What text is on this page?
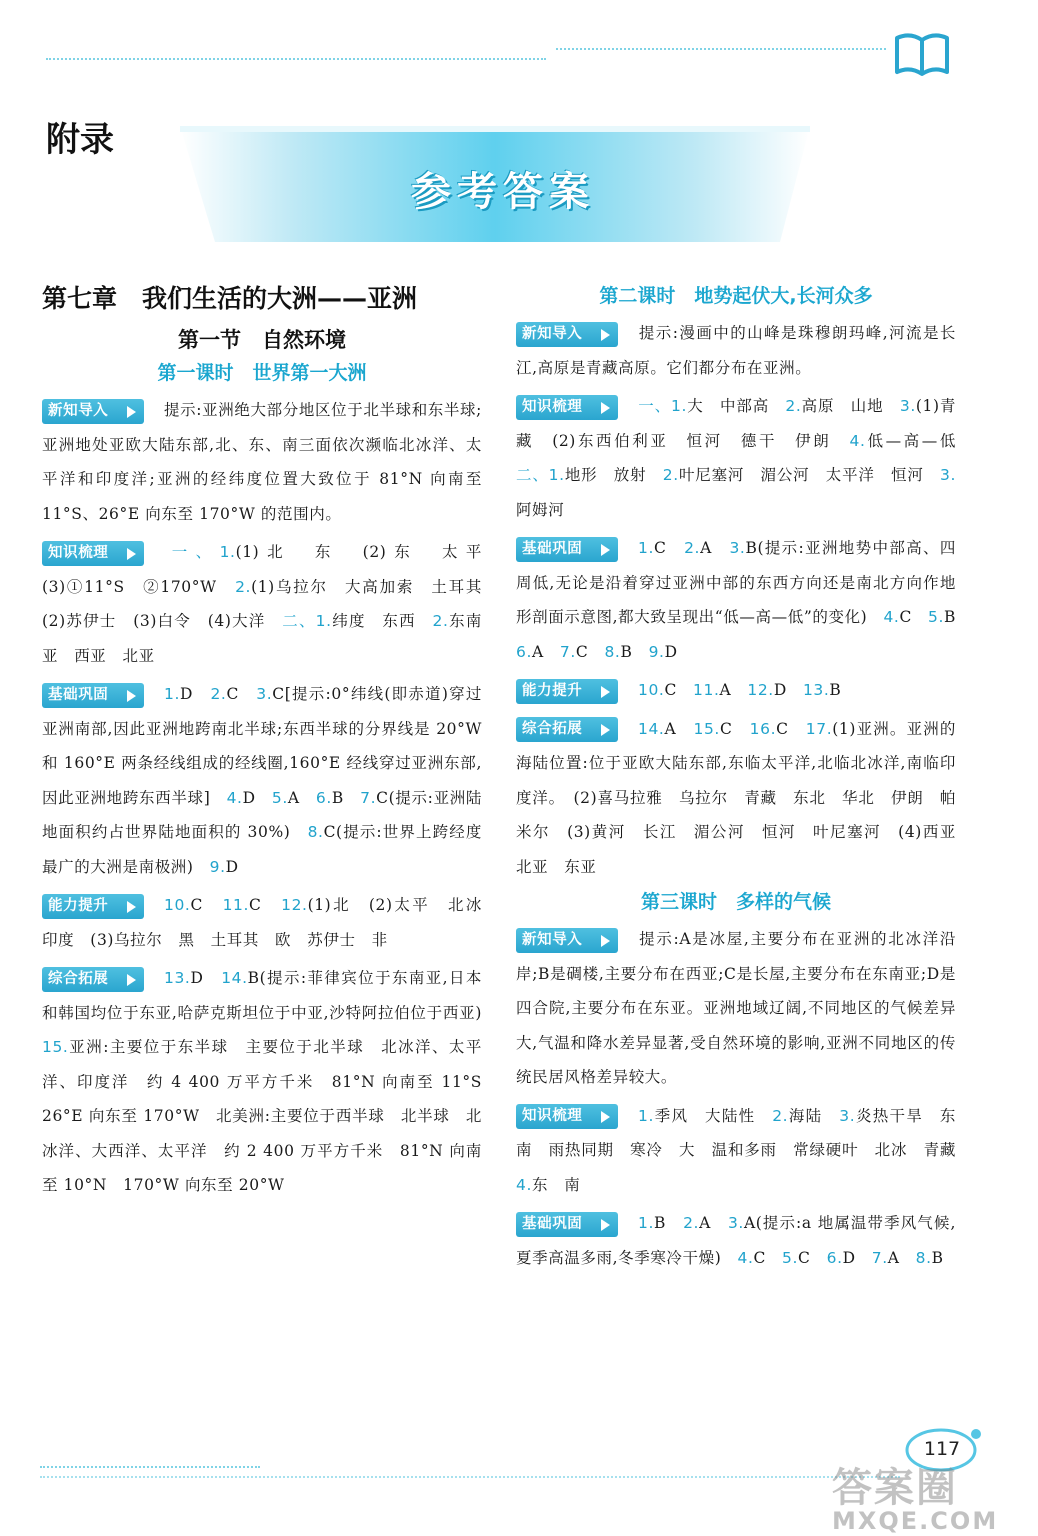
附录
参考答案
第七章　我们生活的大洲——亚洲
第一节　自然环境
第一课时　世界第一大洲
新知导入	提示:亚洲绝大部分地区位于北半球和东半球;亚洲地处亚欧大陆东部,北、东、南三面依次濒临北冰洋、太平洋和印度洋;亚洲的经纬度位置大致位于 81°N 向南至 11°S、26°E 向东至 170°W 的范围内。
知识梳理	一、1.(1)北　东　(2)东　太平　(3)①11°S　②170°W　2.(1)乌拉尔　大高加索　土耳其　(2)苏伊士　(3)白令　(4)大洋　二、1.纬度　东西　2.东南亚　西亚　北亚
基础巩固	1.D　2.C　3.C[提示:0°纬线(即赤道)穿过亚洲南部,因此亚洲地跨南北半球;东西半球的分界线是 20°W 和 160°E 两条经线组成的经线圈,160°E 经线穿过亚洲东部,因此亚洲地跨东西半球]　4.D　5.A　6.B　7.C(提示:亚洲陆地面积约占世界陆地面积的 30%)　8.C(提示:世界上跨经度最广的大洲是南极洲)　9.D
能力提升	10.C　11.C　12.(1)北　(2)太平　北冰　印度　(3)乌拉尔　黑　土耳其　欧　苏伊士　非
综合拓展	13.D　14.B(提示:菲律宾位于东南亚,日本和韩国均位于东亚,哈萨克斯坦位于中亚,沙特阿拉伯位于西亚)　15.亚洲:主要位于东半球　主要位于北半球　北冰洋、太平洋、印度洋　约 4 400 万平方千米　81°N 向南至 11°S　26°E 向东至 170°W　北美洲:主要位于西半球　北半球　北冰洋、大西洋、太平洋　约 2 400 万平方千米　81°N 向南至 10°N　170°W 向东至 20°W
第二课时　地势起伏大,长河众多
新知导入	提示:漫画中的山峰是珠穆朗玛峰,河流是长江,高原是青藏高原。它们都分布在亚洲。
知识梳理	一、1.大　中部高　2.高原　山地　3.(1)青藏　(2)东西伯利亚　恒河　德干　伊朗　4.低—高—低　二、1.地形　放射　2.叶尼塞河　湄公河　太平洋　恒河　3.阿姆河
基础巩固	1.C　2.A　3.B(提示:亚洲地势中部高、四周低,无论是沿着穿过亚洲中部的东西方向还是南北方向作地形剖面示意图,都大致呈现出“低—高—低”的变化)　4.C　5.B　6.A　7.C　8.B　9.D
能力提升	10.C　11.A　12.D　13.B
综合拓展	14.A　15.C　16.C　17.(1)亚洲。亚洲的海陆位置:位于亚欧大陆东部,东临太平洋,北临北冰洋,南临印度洋。　(2)喜马拉雅　乌拉尔　青藏　东北　华北　伊朗　帕米尔　(3)黄河　长江　湄公河　恒河　叶尼塞河　(4)西亚　北亚　东亚
第三课时　多样的气候
新知导入	提示:A是冰屋,主要分布在亚洲的北冰洋沿岸;B是碉楼,主要分布在西亚;C是长屋,主要分布在东南亚;D是四合院,主要分布在东亚。亚洲地域辽阔,不同地区的气候差异大,气温和降水差异显著,受自然环境的影响,亚洲不同地区的传统民居风格差异较大。
知识梳理	1.季风　大陆性　2.海陆　3.炎热干旱　东　南　雨热同期　寒冷　大　温和多雨　常绿硬叶　北冰　青藏　4.东　南
基础巩固	1.B　2.A　3.A(提示:a 地属温带季风气候,夏季高温多雨,冬季寒冷干燥)　4.C　5.C　6.D　7.A　8.B
117
答案圈
MXQE.COM
